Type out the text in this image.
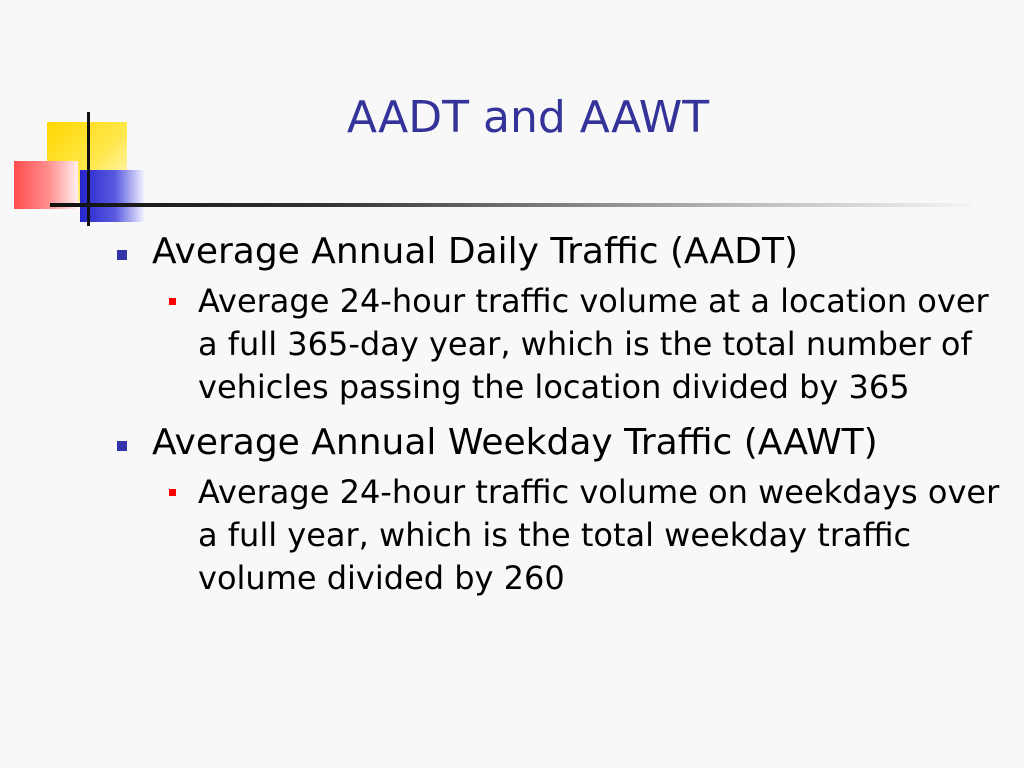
AADT and AAWT
Average Annual Daily Traffic (AADT)
Average 24-hour traffic volume at a location over a full 365-day year, which is the total number of vehicles passing the location divided by 365
Average Annual Weekday Traffic (AAWT)
Average 24-hour traffic volume on weekdays over a full year, which is the total weekday traffic volume divided by 260
